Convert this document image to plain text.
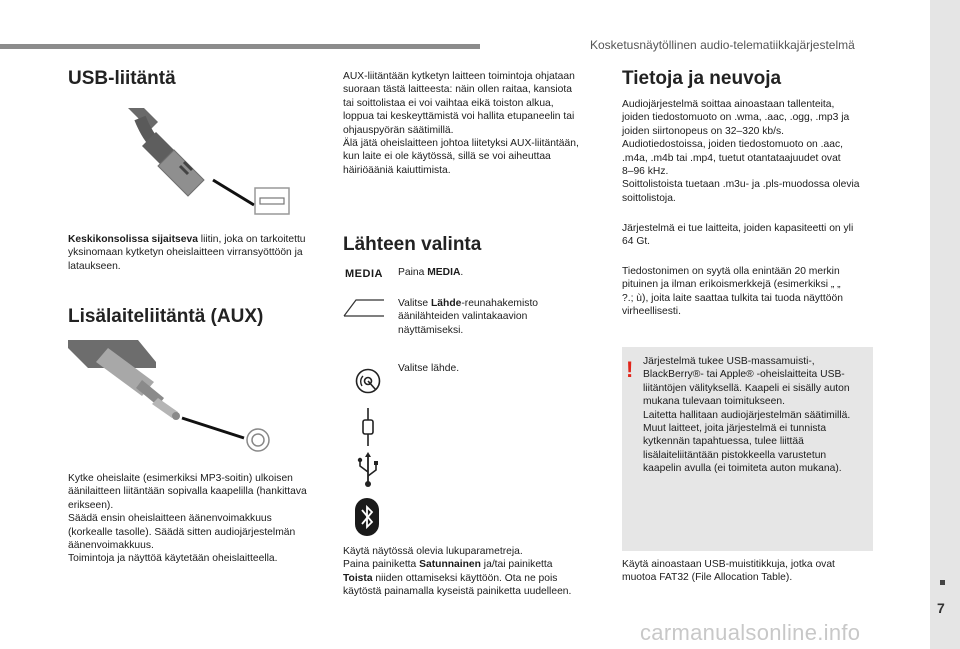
Kosketusnäytöllinen audio-telematiikkajärjestelmä
7
carmanualsonline.info
USB-liitäntä
Keskikonsolissa sijaitseva liitin, joka on tarkoitettu
yksinomaan kytketyn oheislaitteen virransyöttöön ja
lataukseen.
Lisälaiteliitäntä (AUX)
Kytke oheislaite (esimerkiksi MP3-soitin) ulkoisen
äänilaitteen liitäntään sopivalla kaapelilla (hankittava
erikseen).
Säädä ensin oheislaitteen äänenvoimakkuus
(korkealle tasolle). Säädä sitten audiojärjestelmän
äänenvoimakkuus.
Toimintoja ja näyttöä käytetään oheislaitteella.
AUX-liitäntään kytketyn laitteen toimintoja ohjataan
suoraan tästä laitteesta: näin ollen raitaa, kansiota
tai soittolistaa ei voi vaihtaa eikä toiston alkua,
loppua tai keskeyttämistä voi hallita etupaneelin tai
ohjauspyörän säätimillä.
Älä jätä oheislaitteen johtoa liitetyksi AUX-liitäntään,
kun laite ei ole käytössä, sillä se voi aiheuttaa
häiriöääniä kaiuttimista.
Lähteen valinta
MEDIA Paina MEDIA.
Valitse Lähde-reunahakemisto
äänilähteiden valintakaavion
näyttämiseksi.
Valitse lähde.
Käytä näytössä olevia lukuparametreja.
Paina painiketta Satunnainen ja/tai painiketta
Toista niiden ottamiseksi käyttöön. Ota ne pois
käytöstä painamalla kyseistä painiketta uudelleen.
Tietoja ja neuvoja
Audiojärjestelmä soittaa ainoastaan tallenteita,
joiden tiedostomuoto on .wma, .aac, .ogg, .mp3 ja
joiden siirtonopeus on 32–320 kb/s.
Audiotiedostoissa, joiden tiedostomuoto on .aac,
.m4a, .m4b tai .mp4, tuetut otantataajuudet ovat
8–96 kHz.
Soittolistoista tuetaan .m3u- ja .pls-muodossa olevia
soittolistoja.
Järjestelmä ei tue laitteita, joiden kapasiteetti on yli
64 Gt.
Tiedostonimen on syytä olla enintään 20 merkin
pituinen ja ilman erikoismerkkejä (esimerkiksi „ „
?.; ù), joita laite saattaa tulkita tai tuoda näyttöön
virheellisesti.
! Järjestelmä tukee USB-massamuisti-,
BlackBerry®- tai Apple® -oheislaitteita USB-
liitäntöjen välityksellä. Kaapeli ei sisälly auton
mukana tulevaan toimitukseen.
Laitetta hallitaan audiojärjestelmän säätimillä.
Muut laitteet, joita järjestelmä ei tunnista
kytkennän tapahtuessa, tulee liittää
lisälaiteliitäntään pistokkeella varustetun
kaapelin avulla (ei toimiteta auton mukana).
Käytä ainoastaan USB-muistitikkuja, jotka ovat
muotoa FAT32 (File Allocation Table).
